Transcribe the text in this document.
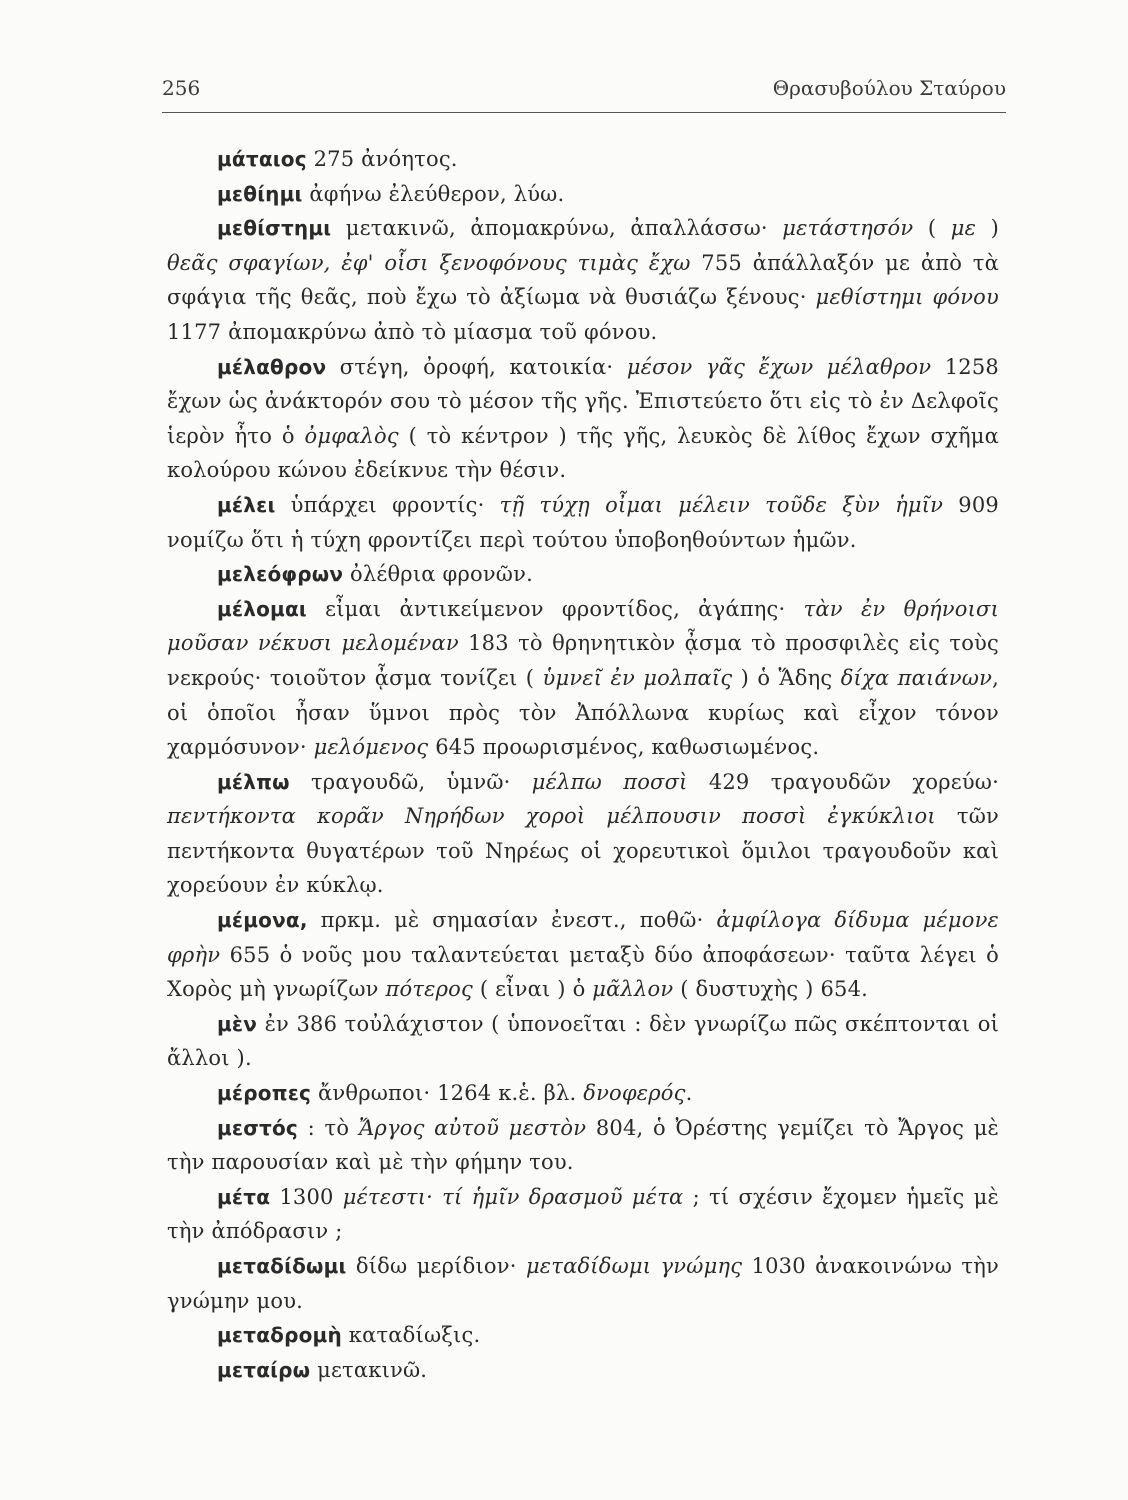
256	Θρασυβούλου Σταύρου

μάταιος 275 ἀνόητος.

μεθίημι ἀφήνω ἐλεύθερον, λύω.

μεθίστημι μετακινῶ, ἀπομακρύνω, ἀπαλλάσσω· μετάστησόν ( με ) θεᾶς σφαγίων, ἐφ' οἷσι ξενοφόνους τιμὰς ἔχω 755 ἀπάλλαξόν με ἀπὸ τὰ σφάγια τῆς θεᾶς, ποὺ ἔχω τὸ ἀξίωμα νὰ θυσιάζω ξένους· μεθίστημι φόνου 1177 ἀπομακρύνω ἀπὸ τὸ μίασμα τοῦ φόνου.

μέλαθρον στέγη, ὀροφή, κατοικία· μέσον γᾶς ἔχων μέλαθρον 1258 ἔχων ὡς ἀνάκτορόν σου τὸ μέσον τῆς γῆς. Ἐπιστεύετο ὅτι εἰς τὸ ἐν Δελφοῖς ἱερὸν ἦτο ὁ ὀμφαλὸς ( τὸ κέντρον ) τῆς γῆς, λευκὸς δὲ λίθος ἔχων σχῆμα κολούρου κώνου ἐδείκνυε τὴν θέσιν.

μέλει ὑπάρχει φροντίς· τῇ τύχῃ οἶμαι μέλειν τοῦδε ξὺν ἡμῖν 909 νομίζω ὅτι ἡ τύχη φροντίζει περὶ τούτου ὑποβοηθούντων ἡμῶν.

μελεόφρων ὀλέθρια φρονῶν.

μέλομαι εἶμαι ἀντικείμενον φροντίδος, ἀγάπης· τὰν ἐν θρήνοισι μοῦσαν νέκυσι μελομέναν 183 τὸ θρηνητικὸν ᾆσμα τὸ προσφιλὲς εἰς τοὺς νεκρούς· τοιοῦτον ᾆσμα τονίζει ( ὑμνεῖ ἐν μολπαῖς ) ὁ Ἅδης δίχα παιάνων, οἱ ὁποῖοι ἦσαν ὕμνοι πρὸς τὸν Ἀπόλλωνα κυρίως καὶ εἶχον τόνον χαρμόσυνον· μελόμενος 645 προωρισμένος, καθωσιωμένος.

μέλπω τραγουδῶ, ὑμνῶ· μέλπω ποσσὶ 429 τραγουδῶν χορεύω· πεντήκοντα κορᾶν Νηρήδων χοροὶ μέλπουσιν ποσσὶ ἐγκύκλιοι τῶν πεντήκοντα θυγατέρων τοῦ Νηρέως οἱ χορευτικοὶ ὅμιλοι τραγουδοῦν καὶ χορεύουν ἐν κύκλῳ.

μέμονα, πρκμ. μὲ σημασίαν ἐνεστ., ποθῶ· ἀμφίλογα δίδυμα μέμονε φρὴν 655 ὁ νοῦς μου ταλαντεύεται μεταξὺ δύο ἀποφάσεων· ταῦτα λέγει ὁ Χορὸς μὴ γνωρίζων πότερος ( εἶναι ) ὁ μᾶλλον ( δυστυχὴς ) 654.

μὲν ἐν 386 τοὐλάχιστον ( ὑπονοεῖται : δὲν γνωρίζω πῶς σκέπτονται οἱ ἄλλοι ).

μέροπες ἄνθρωποι· 1264 κ.ἑ. βλ. δνοφερός.

μεστός : τὸ Ἄργος αὐτοῦ μεστὸν 804, ὁ Ὀρέστης γεμίζει τὸ Ἄργος μὲ τὴν παρουσίαν καὶ μὲ τὴν φήμην του.

μέτα 1300 μέτεστι· τί ἡμῖν δρασμοῦ μέτα ; τί σχέσιν ἔχομεν ἡμεῖς μὲ τὴν ἀπόδρασιν ;

μεταδίδωμι δίδω μερίδιον· μεταδίδωμι γνώμης 1030 ἀνακοινώνω τὴν γνώμην μου.

μεταδρομὴ καταδίωξις.

μεταίρω μετακινῶ.
